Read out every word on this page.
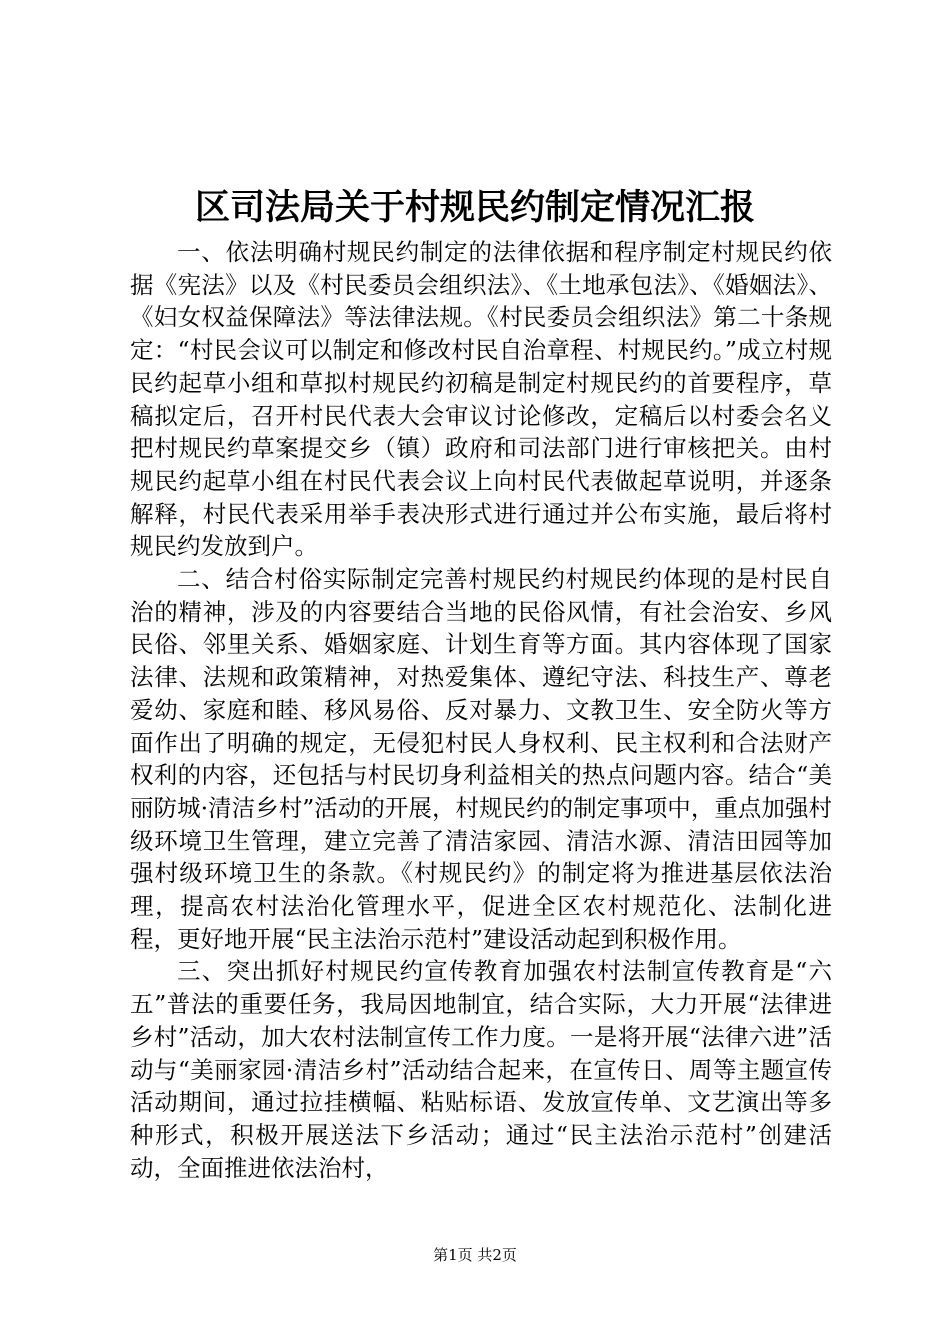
区司法局关于村规民约制定情况汇报

一、依法明确村规民约制定的法律依据和程序制定村规民约依据《宪法》以及《村民委员会组织法》、《土地承包法》、《婚姻法》、《妇女权益保障法》等法律法规。《村民委员会组织法》第二十条规定：“村民会议可以制定和修改村民自治章程、村规民约。”成立村规民约起草小组和草拟村规民约初稿是制定村规民约的首要程序，草稿拟定后，召开村民代表大会审议讨论修改，定稿后以村委会名义把村规民约草案提交乡（镇）政府和司法部门进行审核把关。由村规民约起草小组在村民代表会议上向村民代表做起草说明，并逐条解释，村民代表采用举手表决形式进行通过并公布实施，最后将村规民约发放到户。

二、结合村俗实际制定完善村规民约村规民约体现的是村民自治的精神，涉及的内容要结合当地的民俗风情，有社会治安、乡风民俗、邻里关系、婚姻家庭、计划生育等方面。其内容体现了国家法律、法规和政策精神，对热爱集体、遵纪守法、科技生产、尊老爱幼、家庭和睦、移风易俗、反对暴力、文教卫生、安全防火等方面作出了明确的规定，无侵犯村民人身权利、民主权利和合法财产权利的内容，还包括与村民切身利益相关的热点问题内容。结合“美丽防城·清洁乡村”活动的开展，村规民约的制定事项中，重点加强村级环境卫生管理，建立完善了清洁家园、清洁水源、清洁田园等加强村级环境卫生的条款。《村规民约》的制定将为推进基层依法治理，提高农村法治化管理水平，促进全区农村规范化、法制化进程，更好地开展“民主法治示范村”建设活动起到积极作用。

三、突出抓好村规民约宣传教育加强农村法制宣传教育是“六五”普法的重要任务，我局因地制宜，结合实际，大力开展“法律进乡村”活动，加大农村法制宣传工作力度。一是将开展“法律六进”活动与“美丽家园·清洁乡村”活动结合起来，在宣传日、周等主题宣传活动期间，通过拉挂横幅、粘贴标语、发放宣传单、文艺演出等多种形式，积极开展送法下乡活动；通过“民主法治示范村”创建活动，全面推进依法治村，

第1页 共2页
